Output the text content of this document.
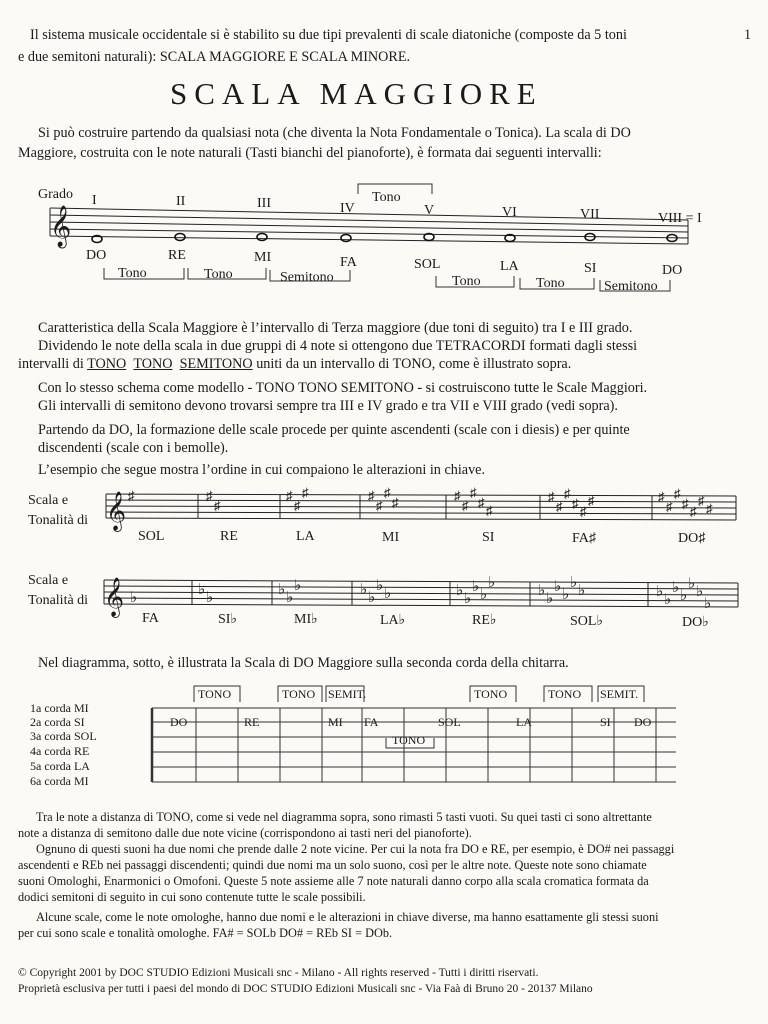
Il sistema musicale occidentale si è stabilito su due tipi prevalenti di scale diatoniche (composte da 5 toni	1
e due semitoni naturali): SCALA MAGGIORE E SCALA MINORE.
SCALA MAGGIORE
Si può costruire partendo da qualsiasi nota (che diventa la Nota Fondamentale o Tonica). La scala di DO
Maggiore, costruita con le note naturali (Tasti bianchi del pianoforte), è formata dai seguenti intervalli:
Grado
𝄞
Tono
I	II	III	IV	V	VI	VII	VIII = I
DO	RE	MI	FA	SOL	LA	SI	DO
Tono	Tono	Semitono	Tono	Tono	Semitono
Caratteristica della Scala Maggiore è l’intervallo di Terza maggiore (due toni di seguito) tra I e III grado.
Dividendo le note della scala in due gruppi di 4 note si ottengono due TETRACORDI formati dagli stessi
intervalli di TONO TONO SEMITONO uniti da un intervallo di TONO, come è illustrato sopra.
Con lo stesso schema come modello - TONO TONO SEMITONO - si costruiscono tutte le Scale Maggiori.
Gli intervalli di semitono devono trovarsi sempre tra III e IV grado e tra VII e VIII grado (vedi sopra).
Partendo da DO, la formazione delle scale procede per quinte ascendenti (scale con i diesis) e per quinte
discendenti (scale con i bemolle).
L’esempio che segue mostra l’ordine in cui compaiono le alterazioni in chiave.
Scala e
Tonalità di 𝄞 ♯	♯
♯
♯
♯
♯	♯
♯
♯
♯	♯
♯
♯
♯
♯
♯
♯
♯
♯
♯
♯	♯
♯
♯
♯
♯
♯
♯
SOL	RE	LA	MI	SI	FA♯	DO♯
Scala e
Tonalità di 𝄞 ♭	♭ ♭	♭ ♭
♭	♭ ♭
♭ ♭	♭ ♭
♭ ♭
♭	♭ ♭
♭ ♭
♭ ♭	♭ ♭
♭ ♭
♭ ♭
♭
FA	SI♭	MI♭	LA♭	RE♭	SOL♭	DO♭
Nel diagramma, sotto, è illustrata la Scala di DO Maggiore sulla seconda corda della chitarra.
1a corda MI
2a corda SI
3a corda SOL
4a corda RE
5a corda LA
6a corda MI
TONO	TONO SEMIT.	TONO	TONO SEMIT.
TONO
DO	RE	MI FA	SOL	LA	SI DO
Tra le note a distanza di TONO, come si vede nel diagramma sopra, sono rimasti 5 tasti vuoti. Su quei tasti ci sono altrettante
note a distanza di semitono dalle due note vicine (corrispondono ai tasti neri del pianoforte).
Ognuno di questi suoni ha due nomi che prende dalle 2 note vicine. Per cui la nota fra DO e RE, per esempio, è DO# nei passaggi
ascendenti e REb nei passaggi discendenti; quindi due nomi ma un solo suono, così per le altre note. Queste note sono chiamate
suoni Omologhi, Enarmonici o Omofoni. Queste 5 note assieme alle 7 note naturali danno corpo alla scala cromatica formata da
dodici semitoni di seguito in cui sono contenute tutte le scale possibili.
Alcune scale, come le note omologhe, hanno due nomi e le alterazioni in chiave diverse, ma hanno esattamente gli stessi suoni
per cui sono scale e tonalità omologhe. FA# = SOLb DO# = REb SI = DOb.
© Copyright 2001 by DOC STUDIO Edizioni Musicali snc - Milano - All rights reserved - Tutti i diritti riservati.
Proprietà esclusiva per tutti i paesi del mondo di DOC STUDIO Edizioni Musicali snc - Via Faà di Bruno 20 - 20137 Milano
